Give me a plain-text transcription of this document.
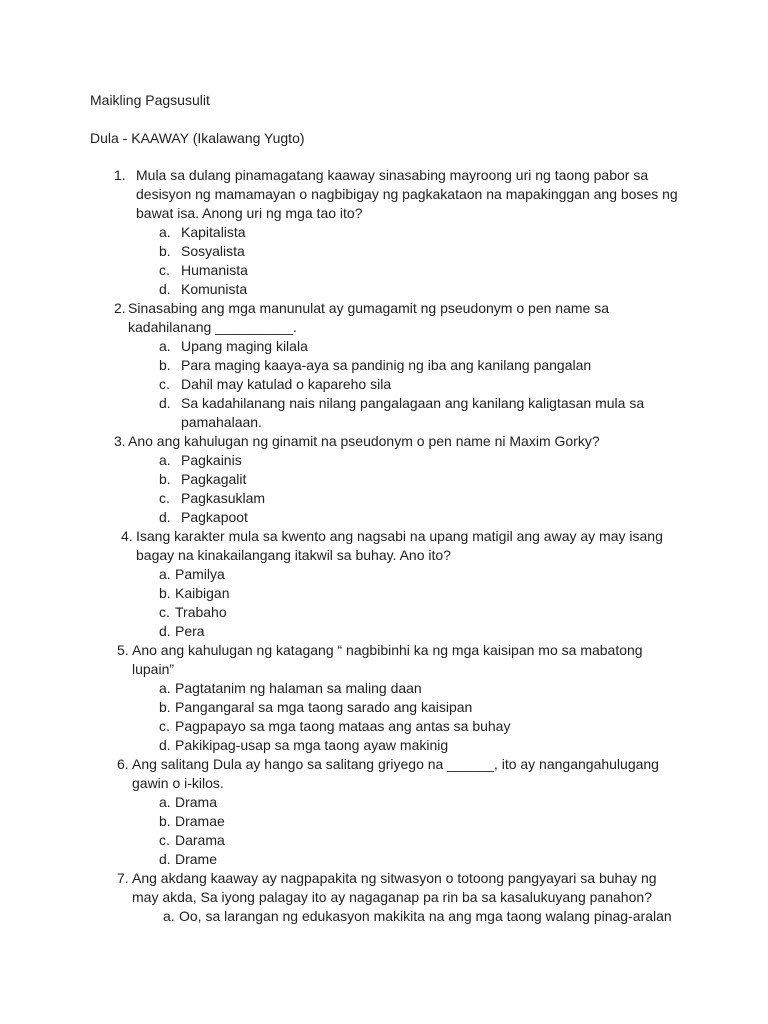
Maikling Pagsusulit
Dula - KAAWAY (Ikalawang Yugto)
1. Mula sa dulang pinamagatang kaaway sinasabing mayroong uri ng taong pabor sa
desisyon ng mamamayan o nagbibigay ng pagkakataon na mapakinggan ang boses ng
bawat isa. Anong uri ng mga tao ito?
a. Kapitalista
b. Sosyalista
c. Humanista
d. Komunista
2. Sinasabing ang mga manunulat ay gumagamit ng pseudonym o pen name sa
kadahilanang __________.
a. Upang maging kilala
b. Para maging kaaya-aya sa pandinig ng iba ang kanilang pangalan
c. Dahil may katulad o kapareho sila
d. Sa kadahilanang nais nilang pangalagaan ang kanilang kaligtasan mula sa
pamahalaan.
3. Ano ang kahulugan ng ginamit na pseudonym o pen name ni Maxim Gorky?
a. Pagkainis
b. Pagkagalit
c. Pagkasuklam
d. Pagkapoot
4. Isang karakter mula sa kwento ang nagsabi na upang matigil ang away ay may isang
bagay na kinakailangang itakwil sa buhay. Ano ito?
a. Pamilya
b. Kaibigan
c. Trabaho
d. Pera
5. Ano ang kahulugan ng katagang “ nagbibinhi ka ng mga kaisipan mo sa mabatong
lupain”
a. Pagtatanim ng halaman sa maling daan
b. Pangangaral sa mga taong sarado ang kaisipan
c. Pagpapayo sa mga taong mataas ang antas sa buhay
d. Pakikipag-usap sa mga taong ayaw makinig
6. Ang salitang Dula ay hango sa salitang griyego na ______, ito ay nangangahulugang
gawin o i-kilos.
a. Drama
b. Dramae
c. Darama
d. Drame
7. Ang akdang kaaway ay nagpapakita ng sitwasyon o totoong pangyayari sa buhay ng
may akda, Sa iyong palagay ito ay nagaganap pa rin ba sa kasalukuyang panahon?
a. Oo, sa larangan ng edukasyon makikita na ang mga taong walang pinag-aralan
